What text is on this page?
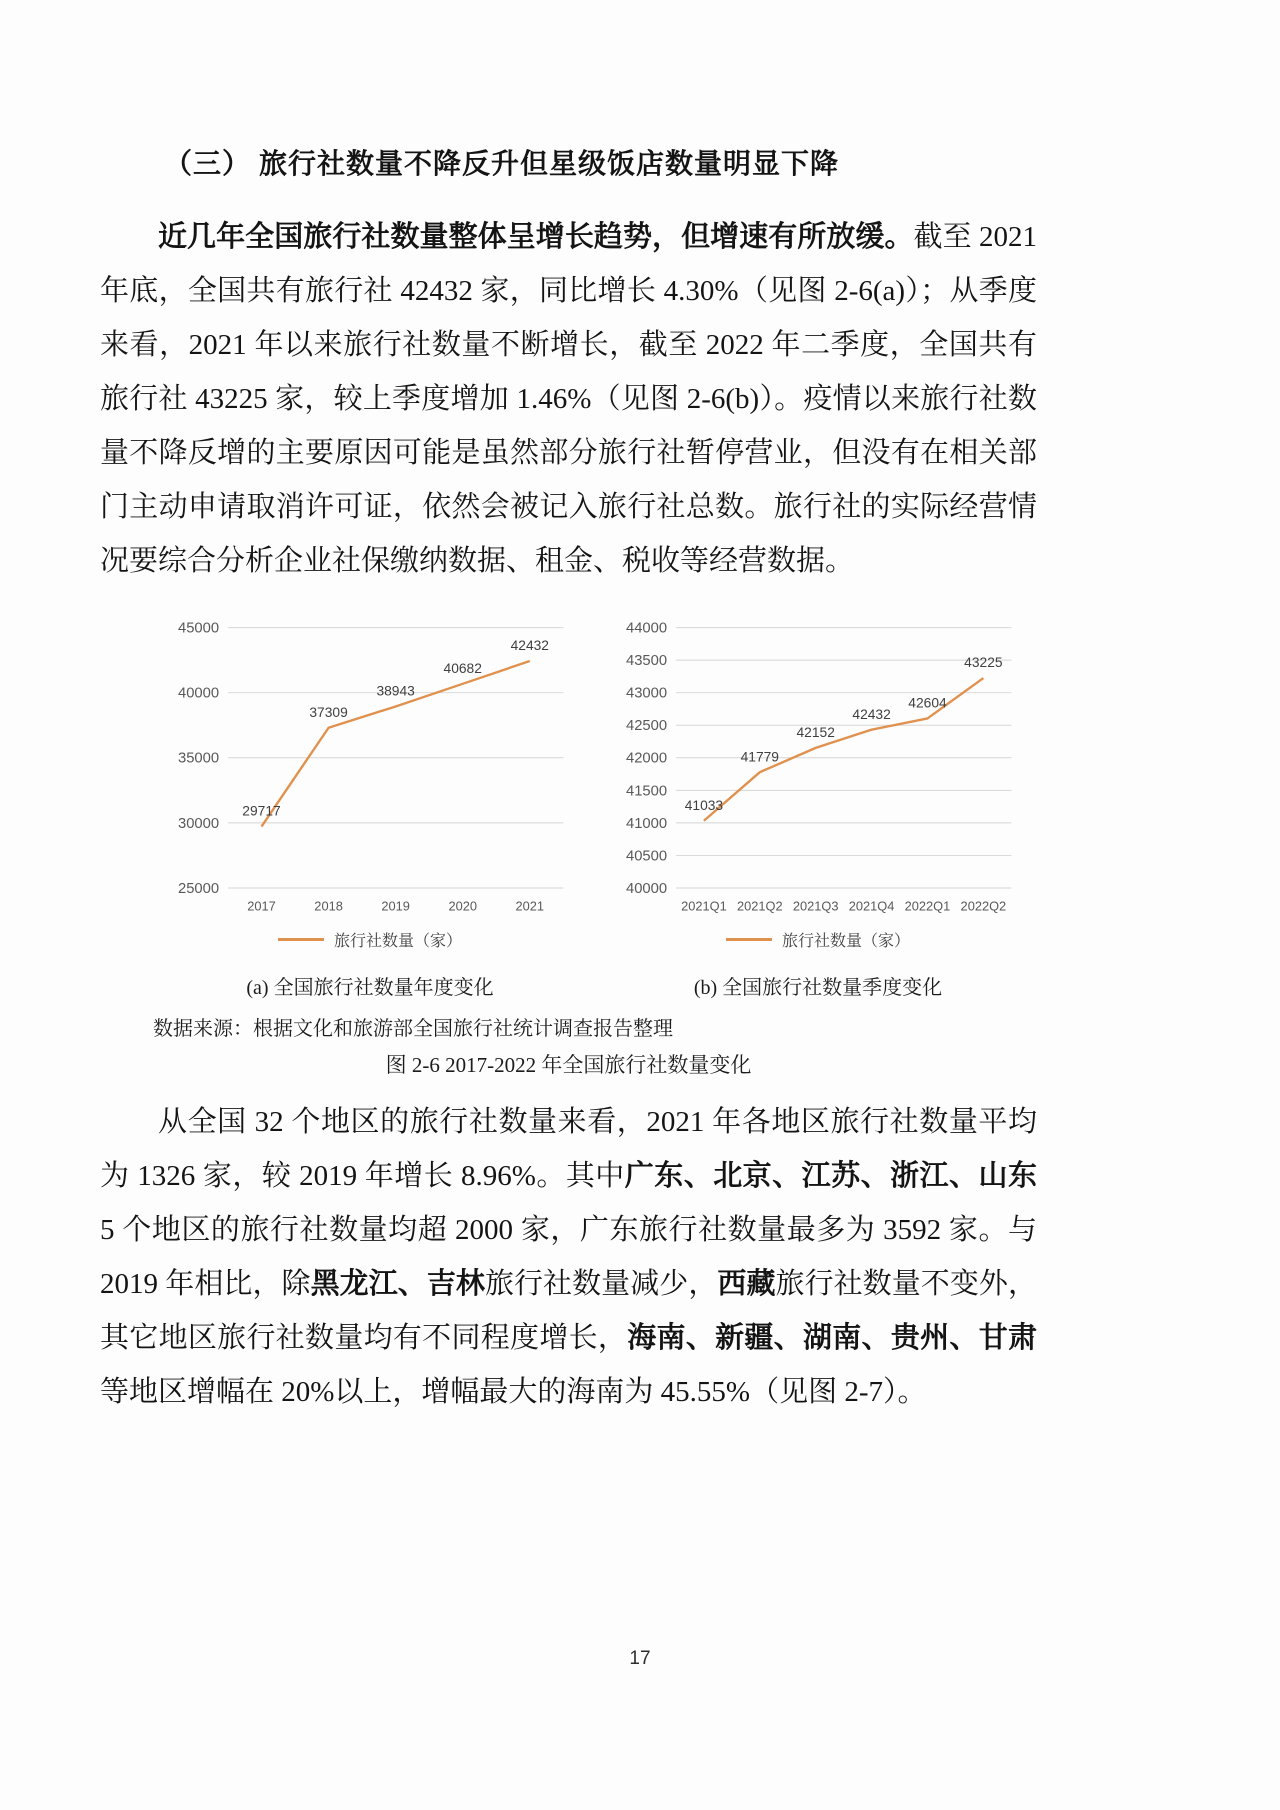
（三） 旅行社数量不降反升但星级饭店数量明显下降

近几年全国旅行社数量整体呈增长趋势，但增速有所放缓。截至 2021 年底，全国共有旅行社 42432 家，同比增长 4.30%（见图 2-6(a)）；从季度来看，2021 年以来旅行社数量不断增长，截至 2022 年二季度，全国共有旅行社 43225 家，较上季度增加 1.46%（见图 2-6(b)）。疫情以来旅行社数量不降反增的主要原因可能是虽然部分旅行社暂停营业，但没有在相关部门主动申请取消许可证，依然会被记入旅行社总数。旅行社的实际经营情况要综合分析企业社保缴纳数据、租金、税收等经营数据。

25000
30000
35000
40000
45000
2017	2018	2019	2020	2021
29717
37309
38943
40682
42432
旅行社数量（家）
40000
40500
41000
41500
42000
42500
43000
43500
44000
2021Q1 2021Q2 2021Q3 2021Q4 2022Q1 2022Q2
41033
41779
42152
42432
42604
43225
旅行社数量（家）
(a) 全国旅行社数量年度变化	(b) 全国旅行社数量季度变化
数据来源：根据文化和旅游部全国旅行社统计调查报告整理
图 2-6 2017-2022 年全国旅行社数量变化

从全国 32 个地区的旅行社数量来看，2021 年各地区旅行社数量平均为 1326 家，较 2019 年增长 8.96%。其中广东、北京、江苏、浙江、山东 5 个地区的旅行社数量均超 2000 家，广东旅行社数量最多为 3592 家。与 2019 年相比，除黑龙江、吉林旅行社数量减少，西藏旅行社数量不变外，其它地区旅行社数量均有不同程度增长，海南、新疆、湖南、贵州、甘肃等地区增幅在 20%以上，增幅最大的海南为 45.55%（见图 2-7）。

17
